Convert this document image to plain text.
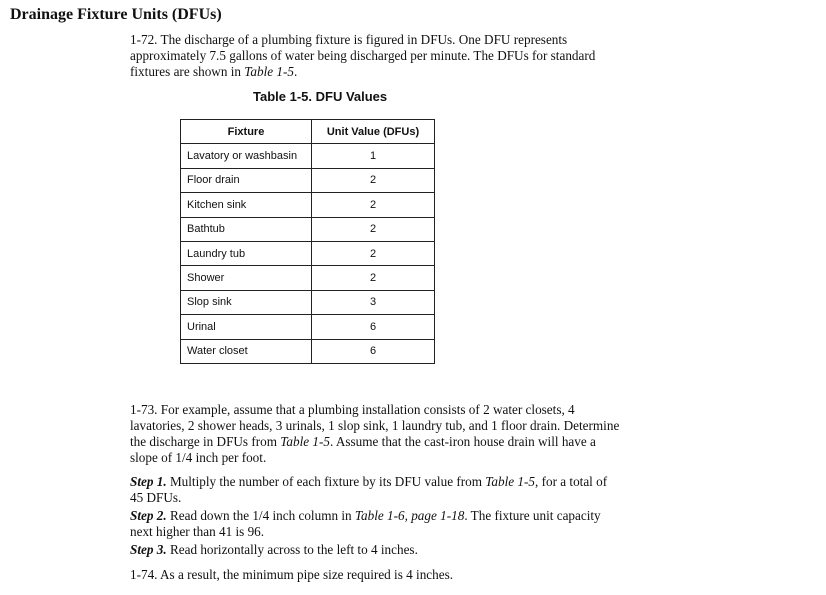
Drainage Fixture Units (DFUs)
1-72. The discharge of a plumbing fixture is figured in DFUs. One DFU represents approximately 7.5 gallons of water being discharged per minute. The DFUs for standard fixtures are shown in Table 1-5.
Table 1-5. DFU Values
Fixture	Unit Value (DFUs)
Lavatory or washbasin	1
Floor drain	2
Kitchen sink	2
Bathtub	2
Laundry tub	2
Shower	2
Slop sink	3
Urinal	6
Water closet	6
1-73. For example, assume that a plumbing installation consists of 2 water closets, 4 lavatories, 2 shower heads, 3 urinals, 1 slop sink, 1 laundry tub, and 1 floor drain. Determine the discharge in DFUs from Table 1-5. Assume that the cast-iron house drain will have a slope of 1/4 inch per foot.
Step 1. Multiply the number of each fixture by its DFU value from Table 1-5, for a total of 45 DFUs.
Step 2. Read down the 1/4 inch column in Table 1-6, page 1-18. The fixture unit capacity next higher than 41 is 96.
Step 3. Read horizontally across to the left to 4 inches.
1-74. As a result, the minimum pipe size required is 4 inches.
